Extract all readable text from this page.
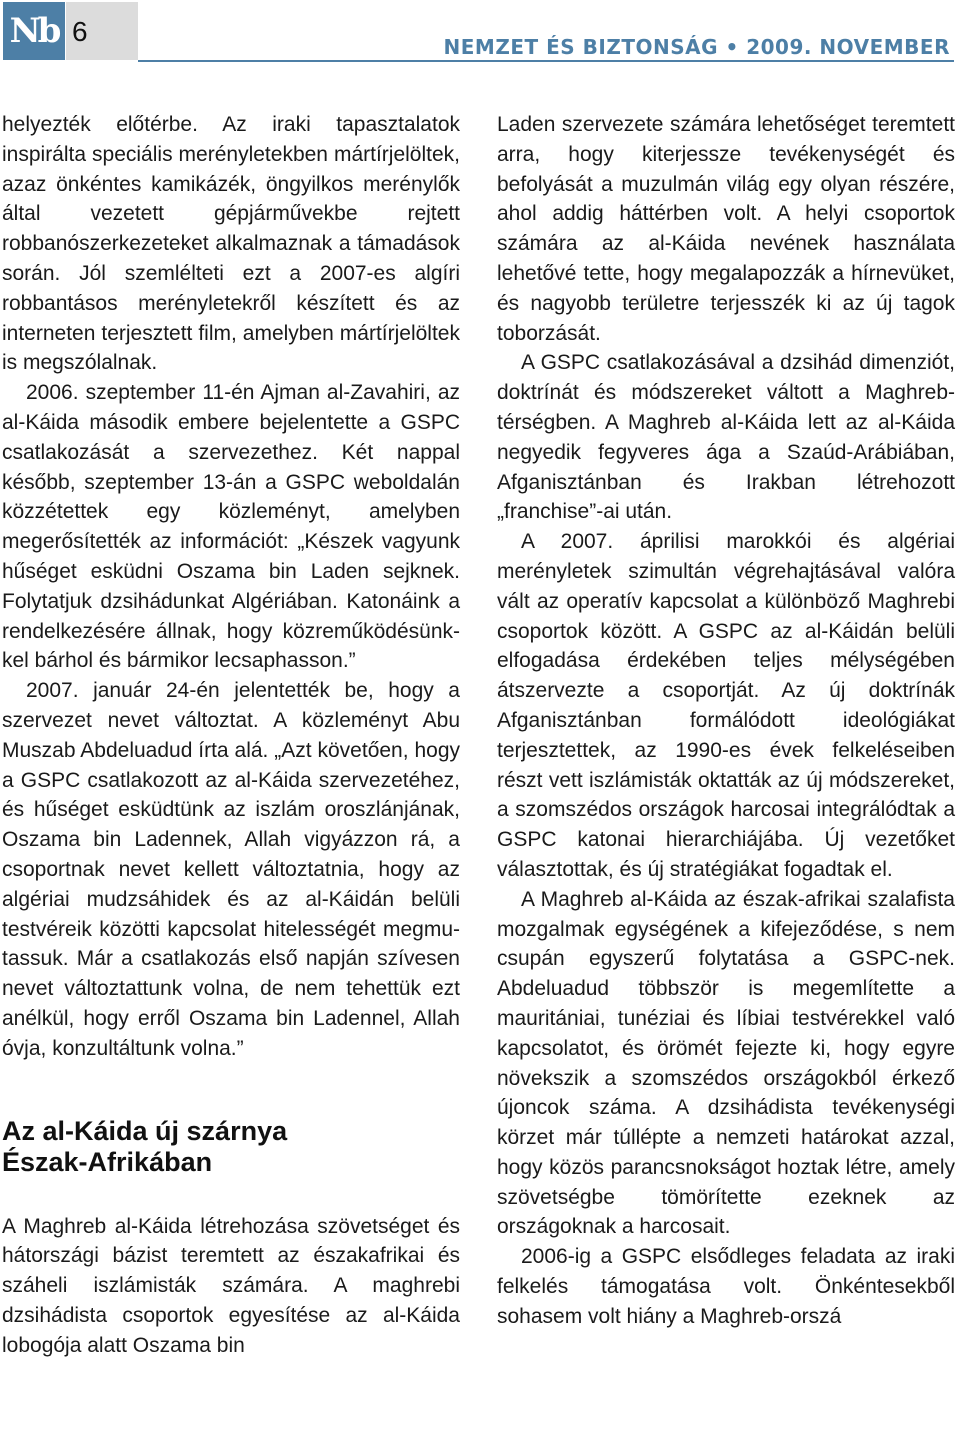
Nb 6	NEMZET ÉS BIZTONSÁG • 2009. NOVEMBER

helyezték előtérbe. Az iraki tapasztalatok inspirálta speciális merényletekben mártírjelöltek, azaz önkéntes kamikázék, öngyilkos merénylők által vezetett gépjárművekbe rejtett robbanószerkezeteket alkalmaznak a támadások során. Jól szemlélteti ezt a 2007-es algíri robbantásos merényletekről készített és az interneten terjesztett film, amelyben mártírjelöltek is megszólalnak.

2006. szeptember 11-én Ajman al-Zavahiri, az al-Káida második embere bejelentette a GSPC csatlakozását a szervezethez. Két nappal később, szeptember 13-án a GSPC weboldalán közzétettek egy közleményt, amelyben megerősítették az információt: „Készek vagyunk hűséget esküdni Oszama bin Laden sejknek. Folytatjuk dzsihádunkat Algériában. Katonáink a rendelkezésére állnak, hogy közreműködésünkkel bárhol és bármikor lecsaphasson.”

2007. január 24-én jelentették be, hogy a szervezet nevet változtat. A közleményt Abu Muszab Abdeluadud írta alá. „Azt követően, hogy a GSPC csatlakozott az al-Káida szervezetéhez, és hűséget esküdtünk az iszlám oroszlánjának, Oszama bin Ladennek, Allah vigyázzon rá, a csoportnak nevet kellett változtatnia, hogy az algériai mudzsáhidek és az al-Káidán belüli testvéreik közötti kapcsolat hitelességét megmutassuk. Már a csatlakozás első napján szívesen nevet változtattunk volna, de nem tehettük ezt anélkül, hogy erről Oszama bin Ladennel, Allah óvja, konzultáltunk volna.”

Az al-Káida új szárnya
Észak-Afrikában

A Maghreb al-Káida létrehozása szövetséget és hátországi bázist teremtett az északafrikai és száheli iszlámisták számára. A maghrebi dzsihádista csoportok egyesítése az al-Káida lobogója alatt Oszama bin

Laden szervezete számára lehetőséget teremtett arra, hogy kiterjessze tevékenységét és befolyását a muzulmán világ egy olyan részére, ahol addig háttérben volt. A helyi csoportok számára az al-Káida nevének használata lehetővé tette, hogy megalapozzák a hírnevüket, és nagyobb területre terjesszék ki az új tagok toborzását.

A GSPC csatlakozásával a dzsihád dimenziót, doktrínát és módszereket váltott a Maghreb-térségben. A Maghreb al-Káida lett az al-Káida negyedik fegyveres ága a Szaúd-Arábiában, Afganisztánban és Irakban létrehozott „franchise”-ai után.

A 2007. áprilisi marokkói és algériai merényletek szimultán végrehajtásával valóra vált az operatív kapcsolat a különböző Maghrebi csoportok között. A GSPC az al-Káidán belüli elfogadása érdekében teljes mélységében átszervezte a csoportját. Az új doktrínák Afganisztánban formálódott ideológiákat terjesztettek, az 1990-es évek felkeléseiben részt vett iszlámisták oktatták az új módszereket, a szomszédos országok harcosai integrálódtak a GSPC katonai hierarchiájába. Új vezetőket választottak, és új stratégiákat fogadtak el.

A Maghreb al-Káida az észak-afrikai szalafista mozgalmak egységének a kifejeződése, s nem csupán egyszerű folytatása a GSPC-nek. Abdeluadud többször is megemlítette a mauritániai, tunéziai és líbiai testvérekkel való kapcsolatot, és örömét fejezte ki, hogy egyre növekszik a szomszédos országokból érkező újoncok száma. A dzsihádista tevékenységi körzet már túllépte a nemzeti határokat azzal, hogy közös parancsnokságot hoztak létre, amely szövetségbe tömörítette ezeknek az országoknak a harcosait.

2006-ig a GSPC elsődleges feladata az iraki felkelés támogatása volt. Önkéntesekből sohasem volt hiány a Maghreb-orszá
